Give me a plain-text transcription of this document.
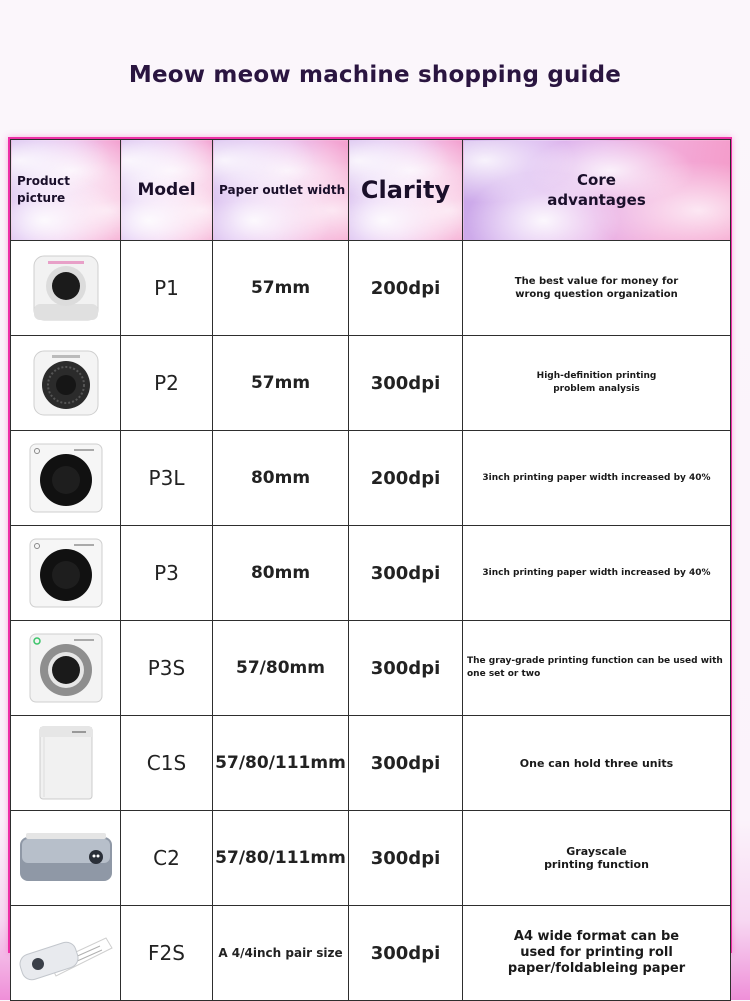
Meow meow machine shopping guide
Product picture	Model	Paper outlet width	Clarity	Core advantages

	P1	57mm	200dpi	The best value for money for wrong question organization

	P2	57mm	300dpi	High-definition printing problem analysis

	P3L	80mm	200dpi	3inch printing paper width increased by 40%

	P3	80mm	300dpi	3inch printing paper width increased by 40%

	P3S	57/80mm	300dpi	The gray-grade printing function can be used with one set or two

	C1S	57/80/111mm	300dpi	One can hold three units

	C2	57/80/111mm	300dpi	Grayscale printing function

	F2S	A 4/4inch pair size	300dpi	A4 wide format can be used for printing roll paper/foldableing paper
